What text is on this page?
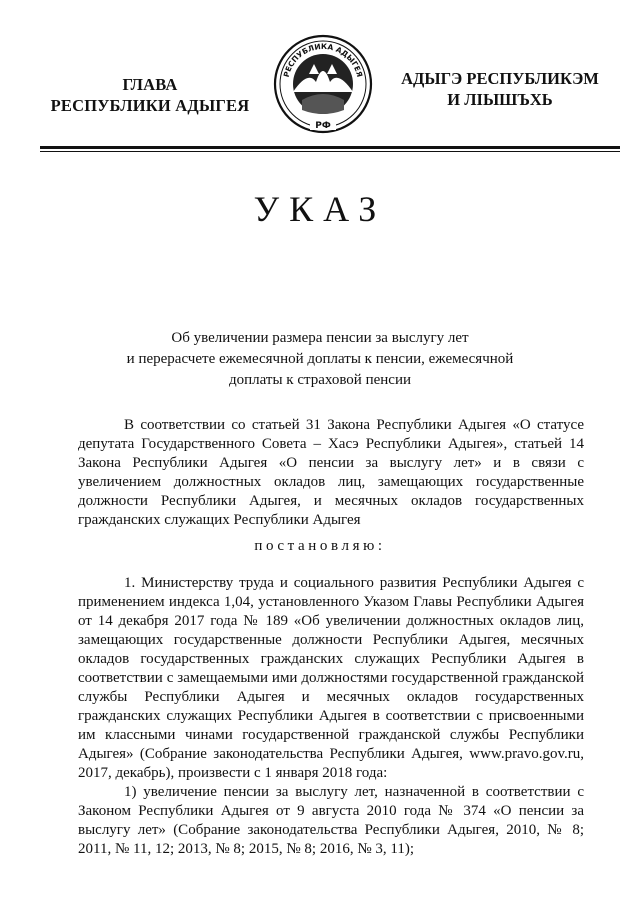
ГЛАВА
РЕСПУБЛИКИ АДЫГЕЯ
РЕСПУБЛИКА АДЫГЕЯ
РФ
АДЫГЭ РЕСПУБЛИКЭМ
И ЛІЫШЪХЬ
УКАЗ
Об увеличении размера пенсии за выслугу лет
и перерасчете ежемесячной доплаты к пенсии, ежемесячной
доплаты к страховой пенсии

В соответствии со статьей 31 Закона Республики Адыгея «О статусе депутата Государственного Совета – Хасэ Республики Адыгея», статьей 14 Закона Республики Адыгея «О пенсии за выслугу лет» и в связи с увеличением должностных окладов лиц, замещающих государственные должности Республики Адыгея, и месячных окладов государственных гражданских служащих Республики Адыгея

постановляю:

1. Министерству труда и социального развития Республики Адыгея с применением индекса 1,04, установленного Указом Главы Республики Адыгея от 14 декабря 2017 года № 189 «Об увеличении должностных окладов лиц, замещающих государственные должности Республики Адыгея, месячных окладов государственных гражданских служащих Республики Адыгея в соответствии с замещаемыми ими должностями государственной гражданской службы Республики Адыгея и месячных окладов государственных гражданских служащих Республики Адыгея в соответствии с присвоенными им классными чинами государственной гражданской службы Республики Адыгея» (Собрание законодательства Республики Адыгея, www.pravo.gov.ru, 2017, декабрь), произвести с 1 января 2018 года:

1) увеличение пенсии за выслугу лет, назначенной в соответствии с Законом Республики Адыгея от 9 августа 2010 года № 374 «О пенсии за выслугу лет» (Собрание законодательства Республики Адыгея, 2010, № 8; 2011, № 11, 12; 2013, № 8; 2015, № 8; 2016, № 3, 11);
